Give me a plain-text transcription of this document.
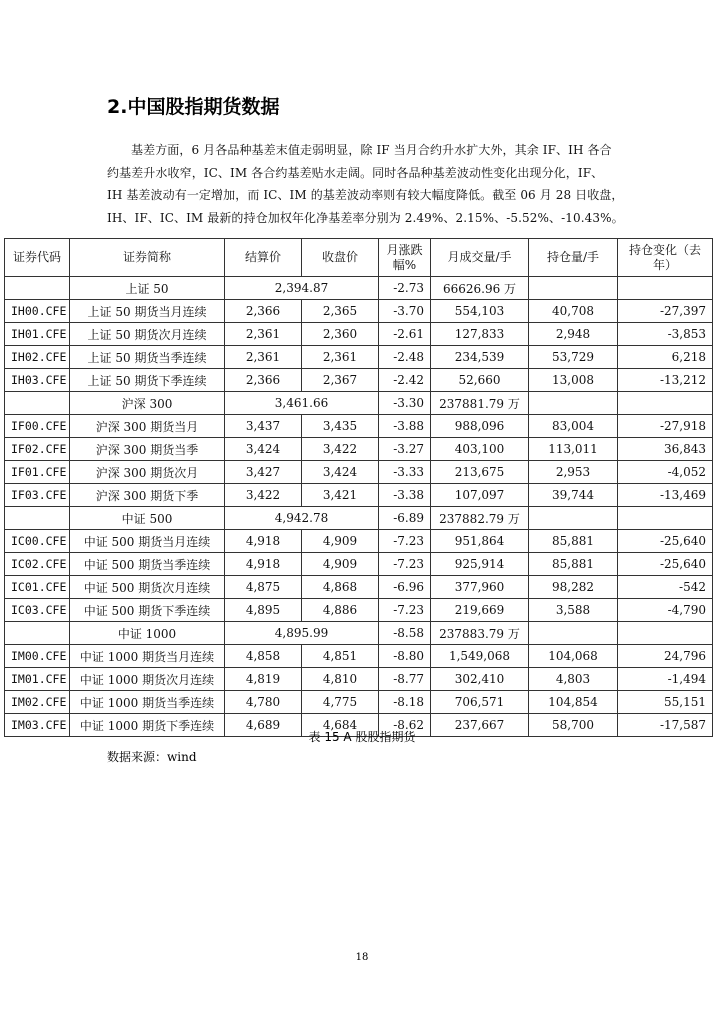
2.中国股指期货数据
基差方面，6 月各品种基差末值走弱明显，除 IF 当月合约升水扩大外，其余 IF、IH 各合
约基差升水收窄，IC、IM 各合约基差贴水走阔。同时各品种基差波动性变化出现分化，IF、
IH 基差波动有一定增加，而 IC、IM 的基差波动率则有较大幅度降低。截至 06 月 28 日收盘，
IH、IF、IC、IM 最新的持仓加权年化净基差率分别为 2.49%、2.15%、-5.52%、-10.43%。
证券代码	证券简称	结算价	收盘价	月涨跌幅%	月成交量/手	持仓量/手	持仓变化（去年）
	上证 50	2,394.87		-2.73	66626.96 万		
IH00.CFE	上证 50 期货当月连续	2,366	2,365	-3.70	554,103	40,708	-27,397
IH01.CFE	上证 50 期货次月连续	2,361	2,360	-2.61	127,833	2,948	-3,853
IH02.CFE	上证 50 期货当季连续	2,361	2,361	-2.48	234,539	53,729	6,218
IH03.CFE	上证 50 期货下季连续	2,366	2,367	-2.42	52,660	13,008	-13,212
	沪深 300	3,461.66		-3.30	237881.79 万		
IF00.CFE	沪深 300 期货当月	3,437	3,435	-3.88	988,096	83,004	-27,918
IF02.CFE	沪深 300 期货当季	3,424	3,422	-3.27	403,100	113,011	36,843
IF01.CFE	沪深 300 期货次月	3,427	3,424	-3.33	213,675	2,953	-4,052
IF03.CFE	沪深 300 期货下季	3,422	3,421	-3.38	107,097	39,744	-13,469
	中证 500	4,942.78		-6.89	237882.79 万		
IC00.CFE	中证 500 期货当月连续	4,918	4,909	-7.23	951,864	85,881	-25,640
IC02.CFE	中证 500 期货当季连续	4,918	4,909	-7.23	925,914	85,881	-25,640
IC01.CFE	中证 500 期货次月连续	4,875	4,868	-6.96	377,960	98,282	-542
IC03.CFE	中证 500 期货下季连续	4,895	4,886	-7.23	219,669	3,588	-4,790
	中证 1000	4,895.99		-8.58	237883.79 万		
IM00.CFE	中证 1000 期货当月连续	4,858	4,851	-8.80	1,549,068	104,068	24,796
IM01.CFE	中证 1000 期货次月连续	4,819	4,810	-8.77	302,410	4,803	-1,494
IM02.CFE	中证 1000 期货当季连续	4,780	4,775	-8.18	706,571	104,854	55,151
IM03.CFE	中证 1000 期货下季连续	4,689	4,684	-8.62	237,667	58,700	-17,587
表 15 A 股股指期货
数据来源：wind
18
